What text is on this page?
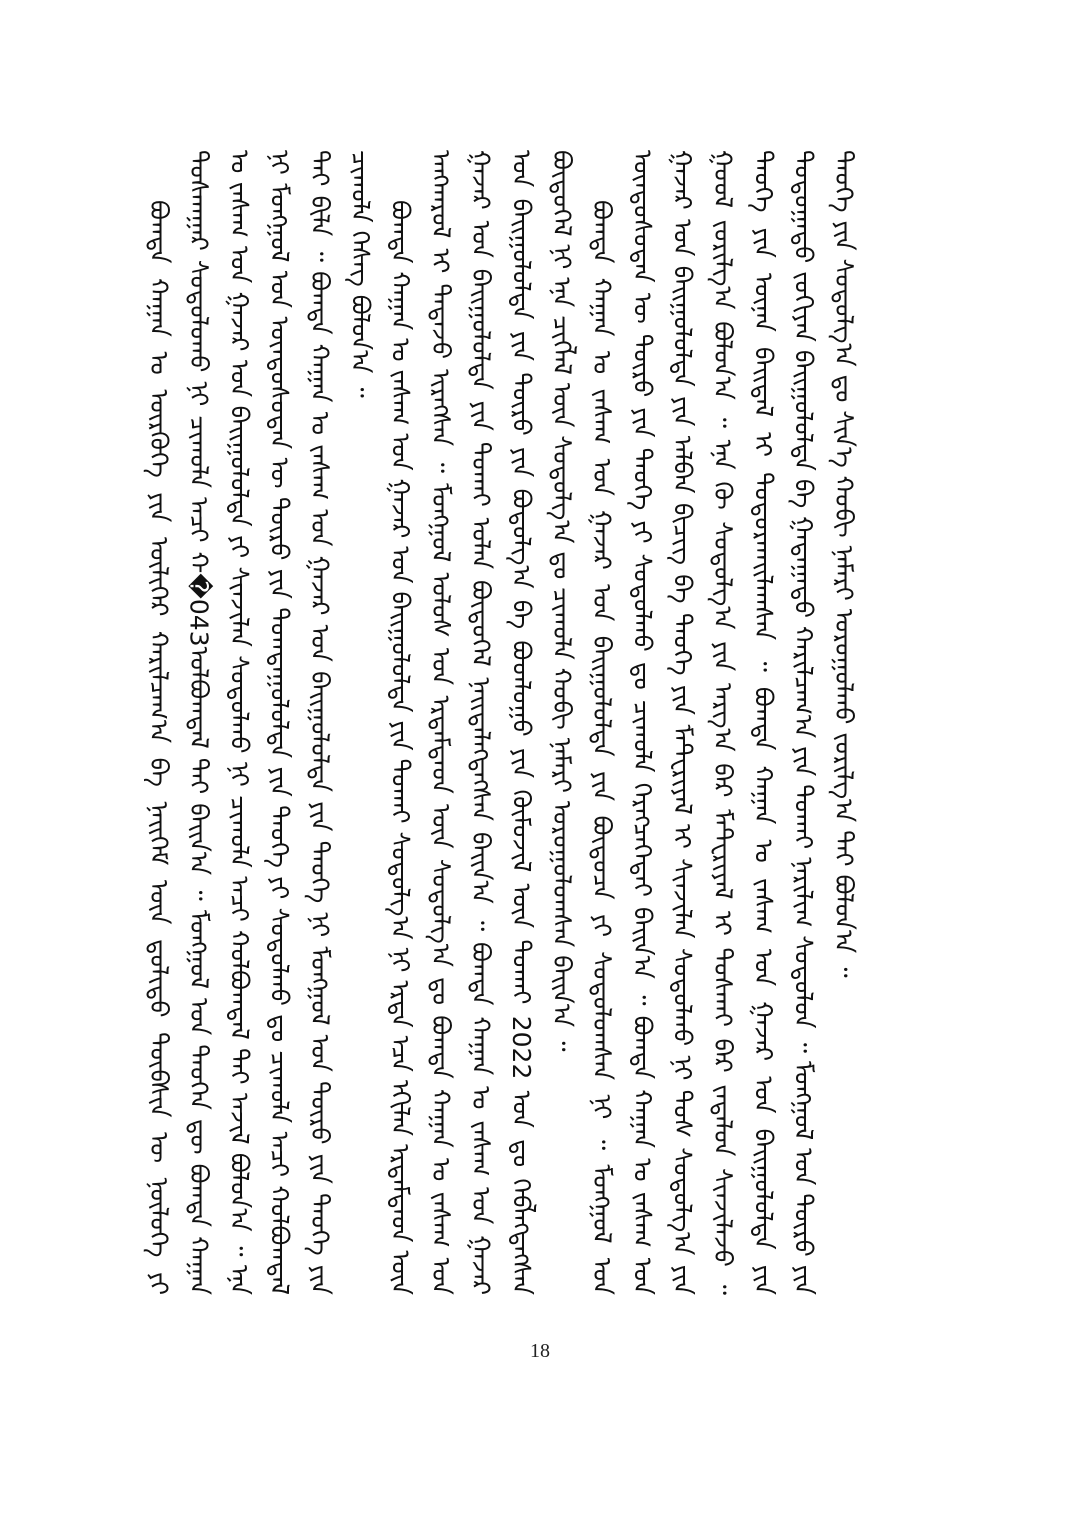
ᠪᠣᠭᠳᠠ ᠬᠠᠭᠠᠨ ᠤ ᠦᠷᠭᠦᠭᠡ ᠶᠢᠨ ᠦᠯᠢᠭᠡᠷ ᠬᠠᠷᠢᠯᠴᠠᠭ᠎ᠠ ᠪᠠ ᠨᠡᠢᠭᠡᠮ ᠦᠨ ᠳ᠋ᠣᠯᠢᠳᠤ ᠲᠦᠪᠰᠢᠨ ᠦ ᠨᠦᠯᠦᠭᠡ ᠶᠢ ᠲᠤᠰᠬᠠᠭᠠᠷ ᠰᠤᠳᠤᠯᠤᠬᠤ ᠨᠢ ᠴᠢᠬᠤᠯᠠ ᠠᠴᠢ ᠬ�043ᠣᠯᠪᠣᠭᠳᠠᠯ ᠲᠠᠢ ᠪᠠᠢᠨ᠎ᠠ ᠃ ᠮᠣᠩᠭᠣᠯ ᠤᠨ ᠲᠡᠦᠬᠡᠨ ᠳᠦ ᠪᠣᠭᠳᠠ ᠬᠠᠭᠠᠨ ᠤ ᠵᠠᠰᠠᠭ ᠤᠨ ᠭᠠᠵᠠᠷ ᠤᠨ ᠪᠠᠢᠭᠤᠯᠤᠯᠲᠠ ᠶᠢ ᠰᠢᠨᠵᠢᠯᠡᠨ ᠰᠤᠳᠤᠯᠬᠤ ᠨᠢ ᠴᠢᠬᠤᠯᠠ ᠠᠴᠢ ᠬᠣᠯᠪᠣᠭᠳᠠᠯ ᠲᠠᠢ ᠠᠵᠢᠯ ᠪᠣᠯᠤᠨ᠎ᠠ ᠃ ᠡᠨᠡ ᠨᠢ ᠮᠣᠩᠭᠣᠯ ᠤᠨ ᠦᠨᠳᠦᠰᠦᠲᠡᠨ ᠦ ᠲᠦᠷᠦ ᠶᠢᠨ ᠲᠣᠭᠲᠠᠭᠤᠯᠤᠯᠲᠠ ᠶᠢᠨ ᠲᠡᠦᠬᠡ ᠶᠢ ᠰᠤᠳᠤᠯᠬᠤ ᠳᠤ ᠴᠢᠬᠤᠯᠠ ᠠᠴᠢ ᠬᠣᠯᠪᠣᠭᠳᠠᠯ ᠲᠠᠢ ᠪᠢᠯᠡ ᠃ ᠪᠣᠭᠳᠠ ᠬᠠᠭᠠᠨ ᠤ ᠵᠠᠰᠠᠭ ᠤᠨ ᠭᠠᠵᠠᠷ ᠤᠨ ᠪᠠᠢᠭᠤᠯᠤᠯᠲᠠ ᠶᠢᠨ ᠲᠡᠦᠬᠡ ᠨᠢ ᠮᠣᠩᠭᠣᠯ ᠤᠨ ᠲᠦᠷᠦ ᠶᠢᠨ ᠲᠡᠦᠬᠡ ᠶᠢᠨ ᠴᠢᠬᠤᠯᠠ ᠬᠡᠰᠡᠭ ᠪᠣᠯᠤᠨ᠎ᠠ ᠃ ᠪᠣᠭᠳᠠ ᠬᠠᠭᠠᠨ ᠤ ᠵᠠᠰᠠᠭ ᠤᠨ ᠭᠠᠵᠠᠷ ᠤᠨ ᠪᠠᠢᠭᠤᠯᠤᠯᠲᠠ ᠶᠢᠨ ᠲᠤᠬᠠᠢ ᠰᠤᠳᠤᠯᠭ᠎ᠠ ᠨᠢ ᠡᠷᠲᠡ ᠡᠴᠡ ᠡᠬᠢᠯᠡᠨ ᠡᠷᠳᠡᠮᠲᠡᠳ ᠦᠨ ᠠᠩᠬᠠᠷᠤᠯ ᠢ ᠲᠠᠲᠠᠵᠤ ᠢᠷᠡᠭᠰᠡᠨ ᠃ ᠮᠣᠩᠭᠣᠯ ᠤᠯᠤᠰ ᠤᠨ ᠡᠷᠳᠡᠮᠲᠡᠳ ᠦᠨ ᠰᠤᠳᠤᠯᠭ᠎ᠠ ᠳᠤ ᠪᠣᠭᠳᠠ ᠬᠠᠭᠠᠨ ᠤ ᠵᠠᠰᠠᠭ ᠤᠨ ᠭᠠᠵᠠᠷ ᠤᠨ ᠪᠠᠢᠭᠤᠯᠤᠯᠲᠠ ᠶᠢᠨ ᠲᠤᠬᠠᠢ ᠣᠯᠠᠨ ᠪᠦᠲᠦᠭᠡᠯ ᠨᠡᠢᠲᠡᠯᠡᠭᠳᠡᠭᠰᠡᠨ ᠪᠠᠢᠨ᠎ᠠ ᠃ ᠪᠣᠭᠳᠠ ᠬᠠᠭᠠᠨ ᠤ ᠵᠠᠰᠠᠭ ᠤᠨ ᠭᠠᠵᠠᠷ ᠤᠨ ᠪᠠᠢᠭᠤᠯᠤᠯᠲᠠ ᠶᠢᠨ ᠲᠦᠷᠦ ᠶᠢᠨ ᠪᠣᠳᠤᠯᠭ᠎ᠠ ᠪᠠ ᠪᠣᠳᠯᠣᠭᠤ ᠶᠢᠨ ᠬᠦᠮᠦᠵᠢᠯ ᠦᠨ ᠲᠤᠬᠠᠢ 2022 ᠣᠨ ᠳᠤ ᠬᠡᠪᠯᠡᠭᠳᠡᠭᠰᠡᠨ ᠪᠦᠲᠦᠭᠡᠯ ᠨᠢ ᠡᠨᠡ ᠴᠢᠭᠯᠡᠯ ᠦᠨ ᠰᠤᠳᠤᠯᠭ᠎ᠠ ᠳᠤ ᠴᠢᠬᠤᠯᠠ ᠬᠤᠪᠢ ᠨᠡᠮᠡᠷᠢ ᠣᠷᠤᠭᠤᠯᠤᠭᠰᠠᠨ ᠪᠠᠢᠨ᠎ᠠ ᠃ ᠪᠣᠭᠳᠠ ᠬᠠᠭᠠᠨ ᠤ ᠵᠠᠰᠠᠭ ᠤᠨ ᠭᠠᠵᠠᠷ ᠤᠨ ᠪᠠᠢᠭᠤᠯᠤᠯᠲᠠ ᠶᠢᠨ ᠪᠦᠲᠦᠴᠡ ᠶᠢ ᠰᠤᠳᠤᠯᠤᠭᠰᠠᠨ ᠨᠢ ᠃ ᠮᠣᠩᠭᠣᠯ ᠤᠨ ᠦᠨᠳᠦᠰᠦᠲᠡᠨ ᠦ ᠲᠦᠷᠦ ᠶᠢᠨ ᠲᠡᠦᠬᠡ ᠶᠢ ᠰᠤᠳᠤᠯᠬᠤ ᠳᠤ ᠴᠢᠬᠤᠯᠠ ᠬᠡᠷᠡᠭᠴᠡᠭᠡᠲᠡᠢ ᠪᠠᠢᠨ᠎ᠠ ᠃ ᠪᠣᠭᠳᠠ ᠬᠠᠭᠠᠨ ᠤ ᠵᠠᠰᠠᠭ ᠤᠨ ᠭᠠᠵᠠᠷ ᠤᠨ ᠪᠠᠢᠭᠤᠯᠤᠯᠲᠠ ᠶᠢᠨ ᠠᠯᠪᠠᠨ ᠪᠢᠴᠢᠭ ᠪᠠ ᠲᠡᠦᠬᠡ ᠶᠢᠨ ᠮᠠᠲᠧᠷᠢᠶᠠᠯ ᠢ ᠰᠢᠨᠵᠢᠯᠡᠨ ᠰᠤᠳᠤᠯᠬᠤ ᠨᠢ ᠲᠤᠰ ᠰᠤᠳᠤᠯᠭ᠎ᠠ ᠶᠢᠨ ᠭᠣᠣᠯ ᠵᠣᠷᠢᠯᠭ᠎ᠠ ᠪᠣᠯᠤᠨ᠎ᠠ ᠃ ᠡᠨᠡ ᠬᠦ ᠰᠤᠳᠤᠯᠭ᠎ᠠ ᠶᠢᠨ ᠠᠷᠭ᠎ᠠ ᠪᠠᠷ ᠮᠠᠲᠧᠷᠢᠶᠠᠯ ᠢ ᠲᠤᠰᠬᠠᠢ ᠪᠡᠷ ᠵᠠᠳᠠᠯᠤᠨ ᠰᠢᠨᠵᠢᠯᠡᠵᠦ ᠃ ᠲᠡᠦᠬᠡ ᠶᠢᠨ ᠦᠨᠡᠨ ᠪᠠᠢᠳᠠᠯ ᠢ ᠲᠣᠳᠣᠷᠬᠠᠢᠯᠠᠭᠰᠠᠨ ᠃ ᠪᠣᠭᠳᠠ ᠬᠠᠭᠠᠨ ᠤ ᠵᠠᠰᠠᠭ ᠤᠨ ᠭᠠᠵᠠᠷ ᠤᠨ ᠪᠠᠢᠭᠤᠯᠤᠯᠲᠠ ᠶᠢᠨ ᠳᠣᠲᠣᠭᠠᠳᠤ ᠵᠣᠬᠢᠶᠠᠨ ᠪᠠᠢᠭᠤᠯᠤᠯᠲᠠ ᠪᠠ ᠭᠠᠳᠠᠭᠠᠳᠤ ᠬᠠᠷᠢᠯᠴᠠᠭ᠎ᠠ ᠶᠢᠨ ᠲᠤᠬᠠᠢ ᠨᠠᠷᠢᠯᠢᠭ ᠰᠤᠳᠤᠯᠤᠨ ᠃ ᠮᠣᠩᠭᠣᠯ ᠤᠨ ᠲᠦᠷᠦ ᠶᠢᠨ ᠲᠡᠦᠬᠡ ᠶᠢᠨ ᠰᠤᠳᠤᠯᠭ᠎ᠠ ᠳᠤ ᠰᠢᠨ᠎ᠡ ᠬᠤᠪᠢ ᠨᠡᠮᠡᠷᠢ ᠣᠷᠤᠭᠤᠯᠬᠤ ᠵᠣᠷᠢᠯᠭ᠎ᠠ ᠲᠠᠢ ᠪᠣᠯᠤᠨ᠎ᠠ ᠃

18
